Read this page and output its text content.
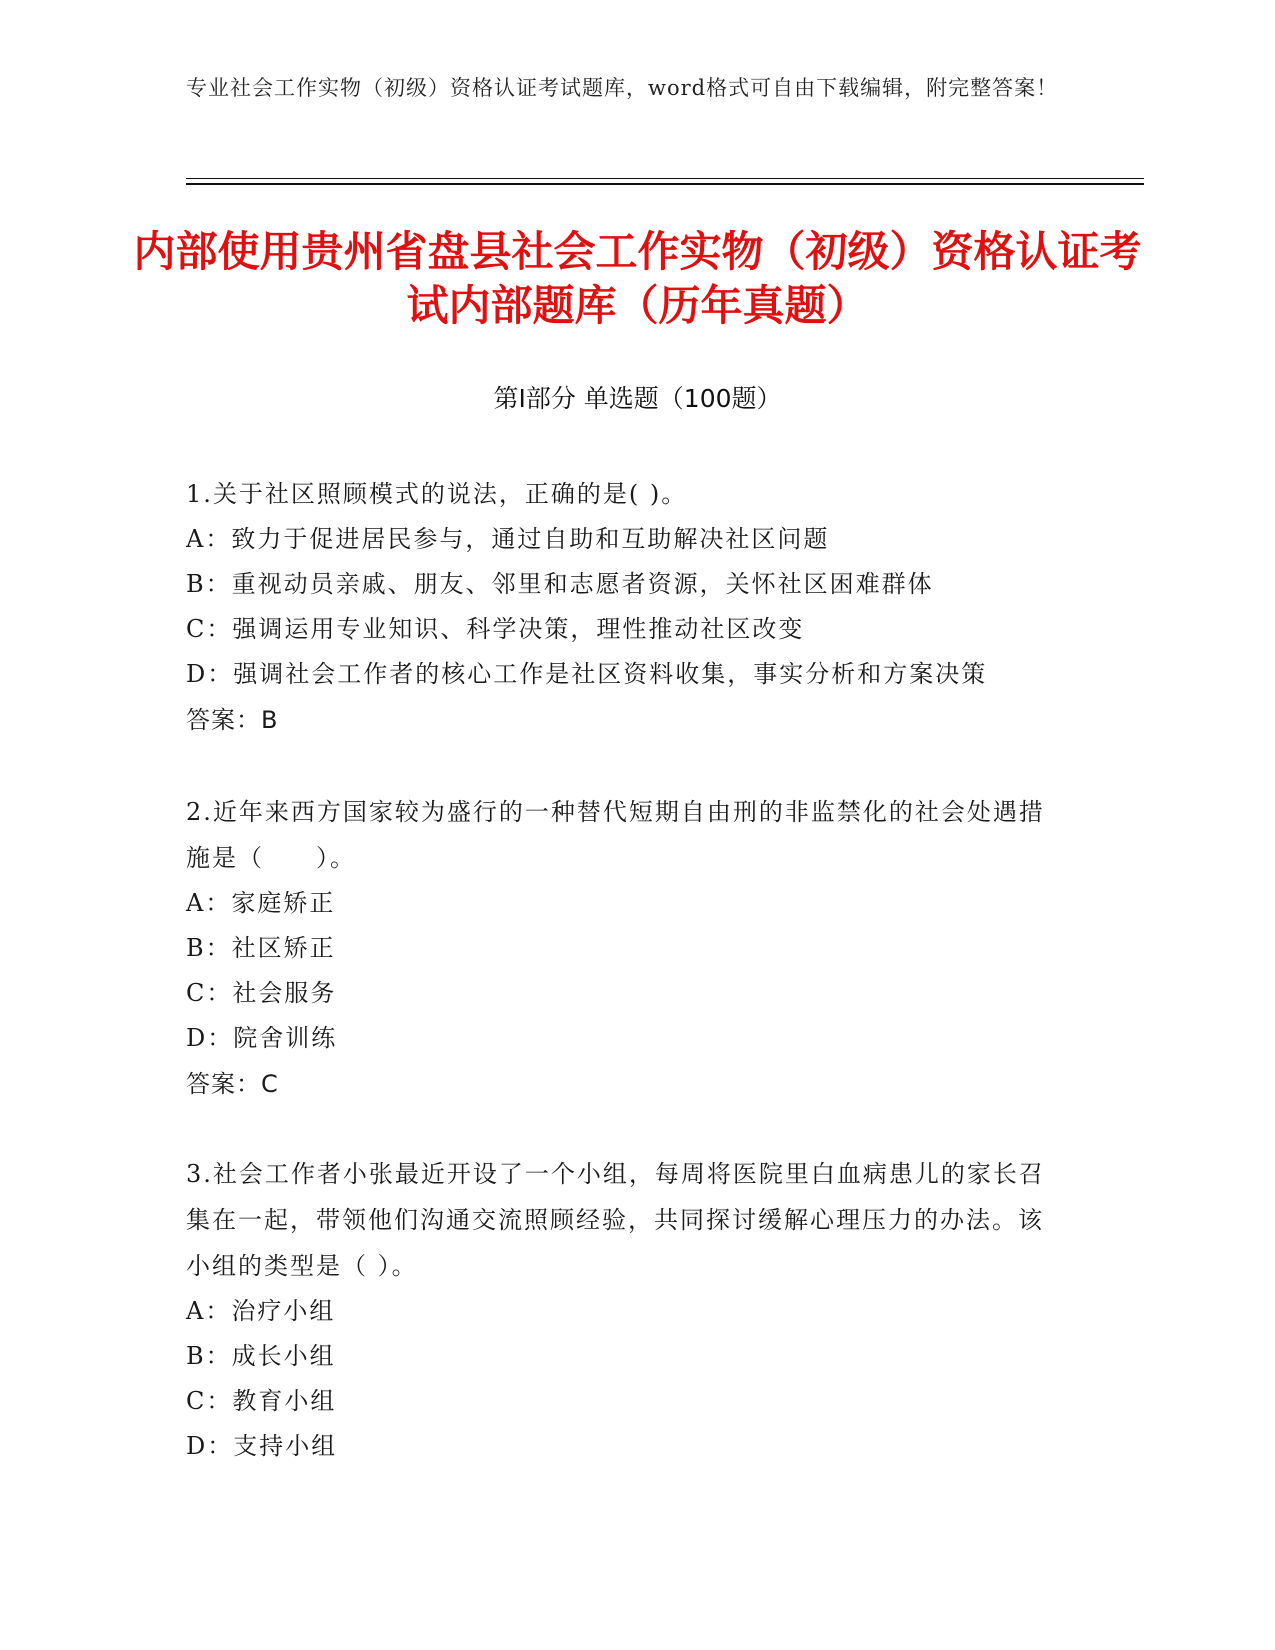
专业社会工作实物（初级）资格认证考试题库，word格式可自由下载编辑，附完整答案！
内部使用贵州省盘县社会工作实物（初级）资格认证考试内部题库（历年真题）
第Ⅰ部分 单选题（100题）
1.关于社区照顾模式的说法，正确的是( )。
A：致力于促进居民参与，通过自助和互助解决社区问题
B：重视动员亲戚、朋友、邻里和志愿者资源，关怀社区困难群体
C：强调运用专业知识、科学决策，理性推动社区改变
D：强调社会工作者的核心工作是社区资料收集，事实分析和方案决策
答案：B
2.近年来西方国家较为盛行的一种替代短期自由刑的非监禁化的社会处遇措施是（　　）。
A：家庭矫正
B：社区矫正
C：社会服务
D：院舍训练
答案：C
3.社会工作者小张最近开设了一个小组，每周将医院里白血病患儿的家长召集在一起，带领他们沟通交流照顾经验，共同探讨缓解心理压力的办法。该小组的类型是（ ）。
A：治疗小组
B：成长小组
C：教育小组
D：支持小组
